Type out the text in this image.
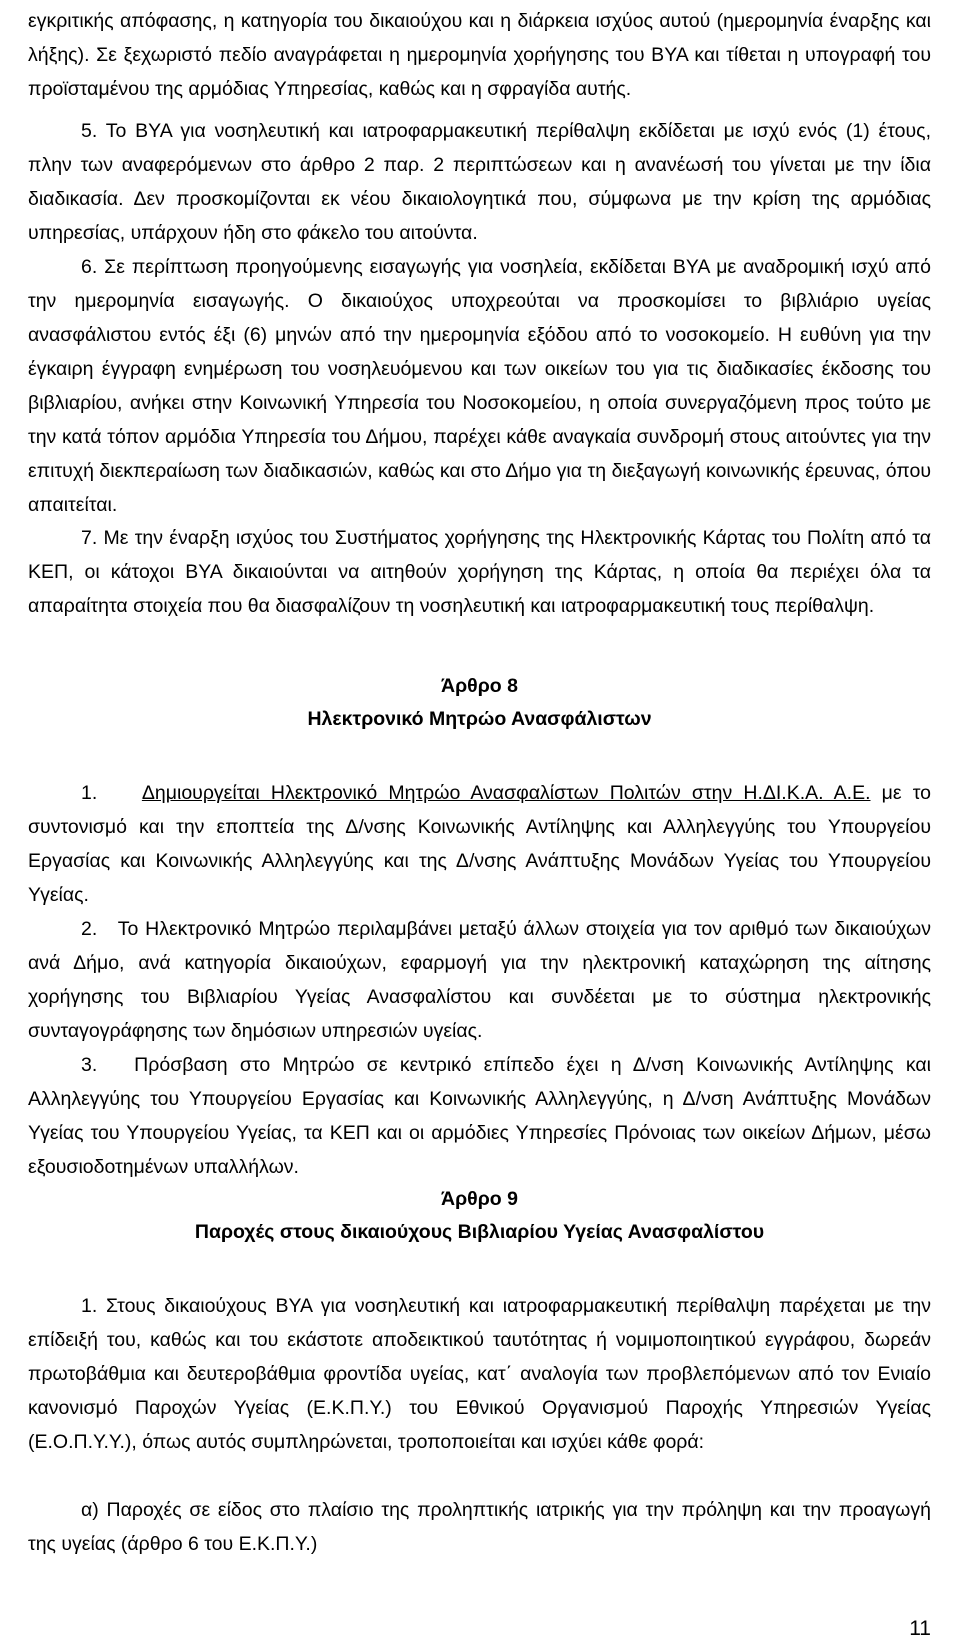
εγκριτικής απόφασης, η κατηγορία του δικαιούχου και η διάρκεια ισχύος αυτού (ημερομηνία έναρξης και λήξης). Σε ξεχωριστό πεδίο αναγράφεται η ημερομηνία χορήγησης του ΒΥΑ και τίθεται η υπογραφή του προϊσταμένου της αρμόδιας Υπηρεσίας, καθώς και η σφραγίδα αυτής.

5. Το ΒΥΑ για νοσηλευτική και ιατροφαρμακευτική περίθαλψη εκδίδεται με ισχύ ενός (1) έτους, πλην των αναφερόμενων στο άρθρο 2 παρ. 2 περιπτώσεων και η ανανέωσή του γίνεται με την ίδια διαδικασία. Δεν προσκομίζονται εκ νέου δικαιολογητικά που, σύμφωνα με την κρίση της αρμόδιας υπηρεσίας, υπάρχουν ήδη στο φάκελο του αιτούντα.

6. Σε περίπτωση προηγούμενης εισαγωγής για νοσηλεία, εκδίδεται ΒΥΑ με αναδρομική ισχύ από την ημερομηνία εισαγωγής. Ο δικαιούχος υποχρεούται να προσκομίσει το βιβλιάριο υγείας ανασφάλιστου εντός έξι (6) μηνών από την ημερομηνία εξόδου από το νοσοκομείο. Η ευθύνη για την έγκαιρη έγγραφη ενημέρωση του νοσηλευόμενου και των οικείων του για τις διαδικασίες έκδοσης του βιβλιαρίου, ανήκει στην Κοινωνική Υπηρεσία του Νοσοκομείου, η οποία συνεργαζόμενη προς τούτο με την κατά τόπον αρμόδια Υπηρεσία του Δήμου, παρέχει κάθε αναγκαία συνδρομή στους αιτούντες για την επιτυχή διεκπεραίωση των διαδικασιών, καθώς και στο Δήμο για τη διεξαγωγή κοινωνικής έρευνας, όπου απαιτείται.

7. Με την έναρξη ισχύος του Συστήματος χορήγησης της Ηλεκτρονικής Κάρτας του Πολίτη από τα ΚΕΠ, οι κάτοχοι ΒΥΑ δικαιούνται να αιτηθούν χορήγηση της Κάρτας, η οποία θα περιέχει όλα τα απαραίτητα στοιχεία που θα διασφαλίζουν τη νοσηλευτική και ιατροφαρμακευτική τους περίθαλψη.

Άρθρο 8
Ηλεκτρονικό Μητρώο Ανασφάλιστων

1. Δημιουργείται Ηλεκτρονικό Μητρώο Ανασφαλίστων Πολιτών στην Η.ΔΙ.Κ.Α. Α.Ε. με το συντονισμό και την εποπτεία της Δ/νσης Κοινωνικής Αντίληψης και Αλληλεγγύης του Υπουργείου Εργασίας και Κοινωνικής Αλληλεγγύης και της Δ/νσης Ανάπτυξης Μονάδων Υγείας του Υπουργείου Υγείας.

2.   Το Ηλεκτρονικό Μητρώο περιλαμβάνει μεταξύ άλλων στοιχεία για τον αριθμό των δικαιούχων ανά Δήμο, ανά κατηγορία δικαιούχων, εφαρμογή για την ηλεκτρονική καταχώρηση της αίτησης χορήγησης του Βιβλιαρίου Υγείας Ανασφαλίστου και συνδέεται με το σύστημα ηλεκτρονικής συνταγογράφησης των δημόσιων υπηρεσιών υγείας.

3.   Πρόσβαση στο Μητρώο σε κεντρικό επίπεδο έχει η Δ/νση Κοινωνικής Αντίληψης και Αλληλεγγύης του Υπουργείου Εργασίας και Κοινωνικής Αλληλεγγύης, η Δ/νση Ανάπτυξης Μονάδων Υγείας του Υπουργείου Υγείας, τα ΚΕΠ και οι αρμόδιες Υπηρεσίες Πρόνοιας των οικείων Δήμων, μέσω εξουσιοδοτημένων υπαλλήλων.

Άρθρο 9
Παροχές στους δικαιούχους Βιβλιαρίου Υγείας Ανασφαλίστου

1. Στους δικαιούχους ΒΥΑ για νοσηλευτική και ιατροφαρμακευτική περίθαλψη παρέχεται με την επίδειξή του, καθώς και του εκάστοτε αποδεικτικού ταυτότητας ή νομιμοποιητικού εγγράφου, δωρεάν πρωτοβάθμια και δευτεροβάθμια φροντίδα υγείας, κατ΄ αναλογία των προβλεπόμενων από τον Ενιαίο κανονισμό Παροχών Υγείας (Ε.Κ.Π.Υ.) του Εθνικού Οργανισμού Παροχής Υπηρεσιών Υγείας (Ε.Ο.Π.Υ.Υ.), όπως αυτός συμπληρώνεται, τροποποιείται και ισχύει κάθε φορά:

α) Παροχές σε είδος στο πλαίσιο της προληπτικής ιατρικής για την πρόληψη και την προαγωγή της υγείας (άρθρο 6 του Ε.Κ.Π.Υ.)

11
